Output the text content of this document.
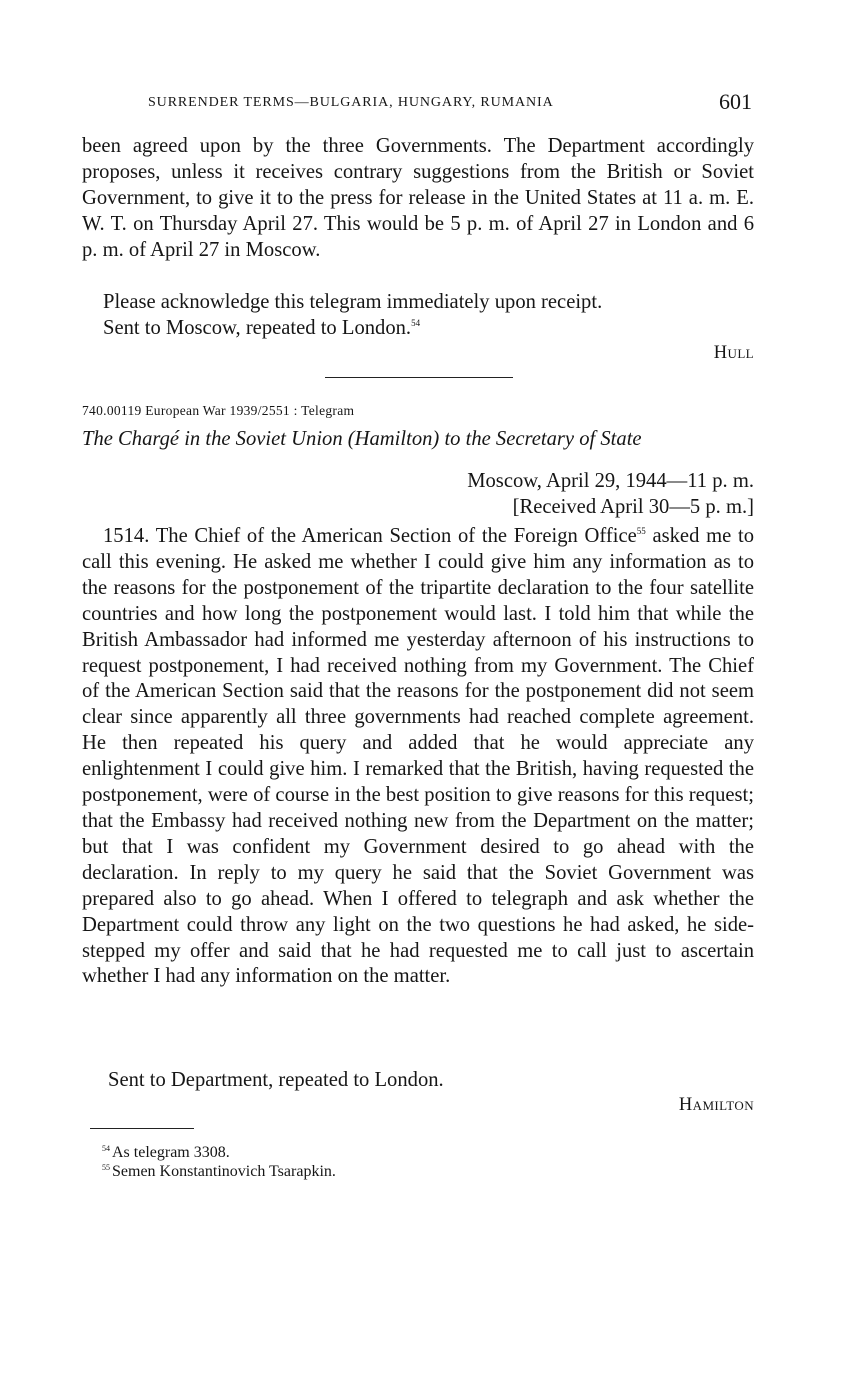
SURRENDER TERMS—BULGARIA, HUNGARY, RUMANIA	601

been agreed upon by the three Governments. The Department accordingly proposes, unless it receives contrary suggestions from the British or Soviet Government, to give it to the press for release in the United States at 11 a. m. E. W. T. on Thursday April 27. This would be 5 p. m. of April 27 in London and 6 p. m. of April 27 in Moscow.

Please acknowledge this telegram immediately upon receipt.

Sent to Moscow, repeated to London.$^{54}$

Hull
740.00119 European War 1939/2551 : Telegram
The Chargé in the Soviet Union (Hamilton) to the Secretary of State
Moscow, April 29, 1944—11 p. m.
[Received April 30—5 p. m.]

1514. The Chief of the American Section of the Foreign Office$^{55}$ asked me to call this evening. He asked me whether I could give him any information as to the reasons for the postponement of the tripartite declaration to the four satellite countries and how long the postponement would last. I told him that while the British Ambassador had informed me yesterday afternoon of his instructions to request postponement, I had received nothing from my Government. The Chief of the American Section said that the reasons for the postponement did not seem clear since apparently all three governments had reached complete agreement. He then repeated his query and added that he would appreciate any enlightenment I could give him. I remarked that the British, having requested the postponement, were of course in the best position to give reasons for this request; that the Embassy had received nothing new from the Department on the matter; but that I was confident my Government desired to go ahead with the declaration. In reply to my query he said that the Soviet Government was prepared also to go ahead. When I offered to telegraph and ask whether the Department could throw any light on the two questions he had asked, he side-stepped my offer and said that he had requested me to call just to ascertain whether I had any information on the matter.

Sent to Department, repeated to London.

Hamilton
$^{54}$ As telegram 3308.
$^{55}$ Semen Konstantinovich Tsarapkin.
